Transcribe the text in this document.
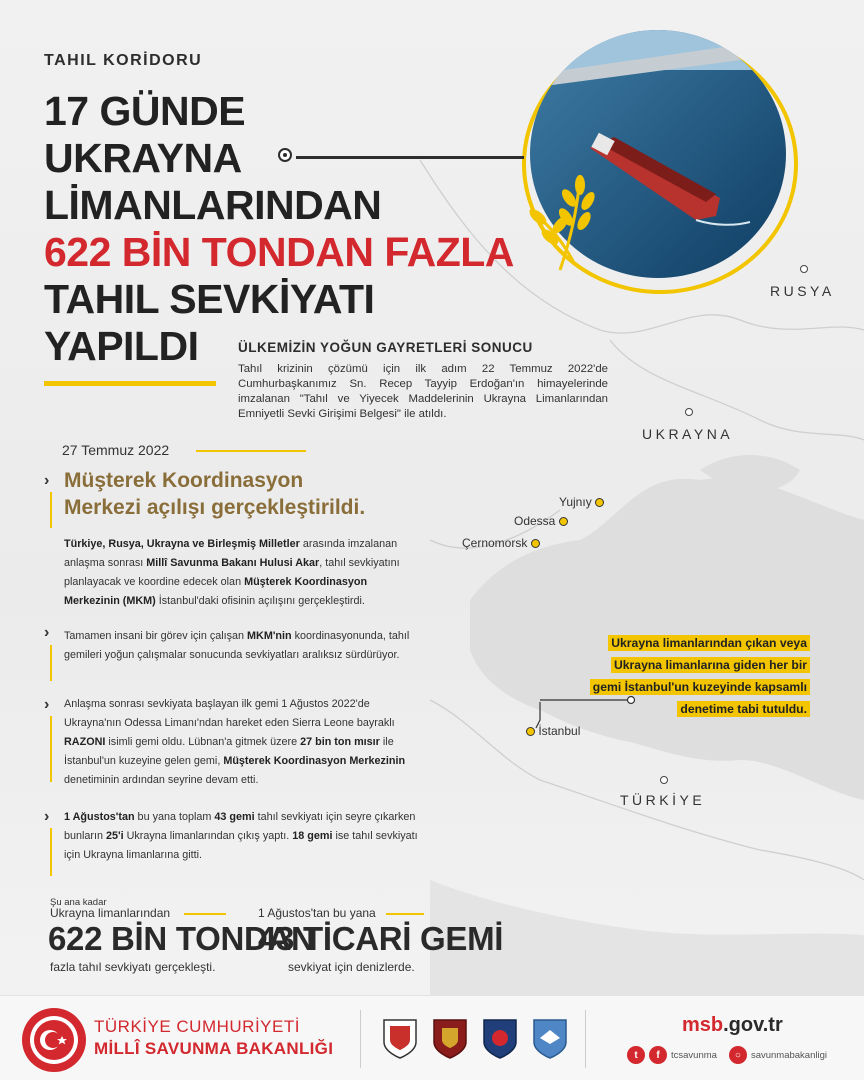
TAHIL KORİDORU
17 GÜNDE
UKRAYNA
LİMANLARINDAN
622 BİN TONDAN FAZLA
TAHIL SEVKİYATI
YAPILDI	ÜLKEMİZİN YOĞUN GAYRETLERİ SONUCU
Tahıl krizinin çözümü için ilk adım 22 Temmuz 2022'de Cumhurbaşkanımız Sn. Recep Tayyip Erdoğan'ın himayelerinde imzalanan "Tahıl ve Yiyecek Maddelerinin Ukrayna Limanlarından Emniyetli Sevki Girişimi Belgesi" ile atıldı.
27 Temmuz 2022
› Müşterek Koordinasyon
Merkezi açılışı gerçekleştirildi.
Türkiye, Rusya, Ukrayna ve Birleşmiş Milletler arasında imzalanan anlaşma sonrası Millî Savunma Bakanı Hulusi Akar, tahıl sevkiyatını planlayacak ve koordine edecek olan Müşterek Koordinasyon Merkezinin (MKM) İstanbul'daki ofisinin açılışını gerçekleştirdi.
› Tamamen insani bir görev için çalışan MKM'nin koordinasyonunda, tahıl gemileri yoğun çalışmalar sonucunda sevkiyatları aralıksız sürdürüyor.
› Anlaşma sonrası sevkiyata başlayan ilk gemi 1 Ağustos 2022'de Ukrayna'nın Odessa Limanı'ndan hareket eden Sierra Leone bayraklı RAZONI isimli gemi oldu. Lübnan'a gitmek üzere 27 bin ton mısır ile İstanbul'un kuzeyine gelen gemi, Müşterek Koordinasyon Merkezinin denetiminin ardından seyrine devam etti.
› 1 Ağustos'tan bu yana toplam 43 gemi tahıl sevkiyatı için seyre çıkarken bunların 25'i Ukrayna limanlarından çıkış yaptı. 18 gemi ise tahıl sevkiyatı için Ukrayna limanlarına gitti.
Şu ana kadar
Ukrayna limanlarından
622 BİN TONDAN
fazla tahıl sevkiyatı gerçekleşti.
1 Ağustos'tan bu yana
43 TİCARİ GEMİ
sevkiyat için denizlerde.
RUSYA
UKRAYNA
TÜRKİYE
Yujnıy
Odessa
Çernomorsk
İstanbul
Ukrayna limanlarından çıkan veya
Ukrayna limanlarına giden her bir
gemi İstanbul'un kuzeyinde kapsamlı
denetime tabi tutuldu.
TÜRKİYE CUMHURİYETİ
MİLLÎ SAVUNMA BAKANLIĞI
msb.gov.tr
t	f	tcsavunma	○	savunmabakanligi
